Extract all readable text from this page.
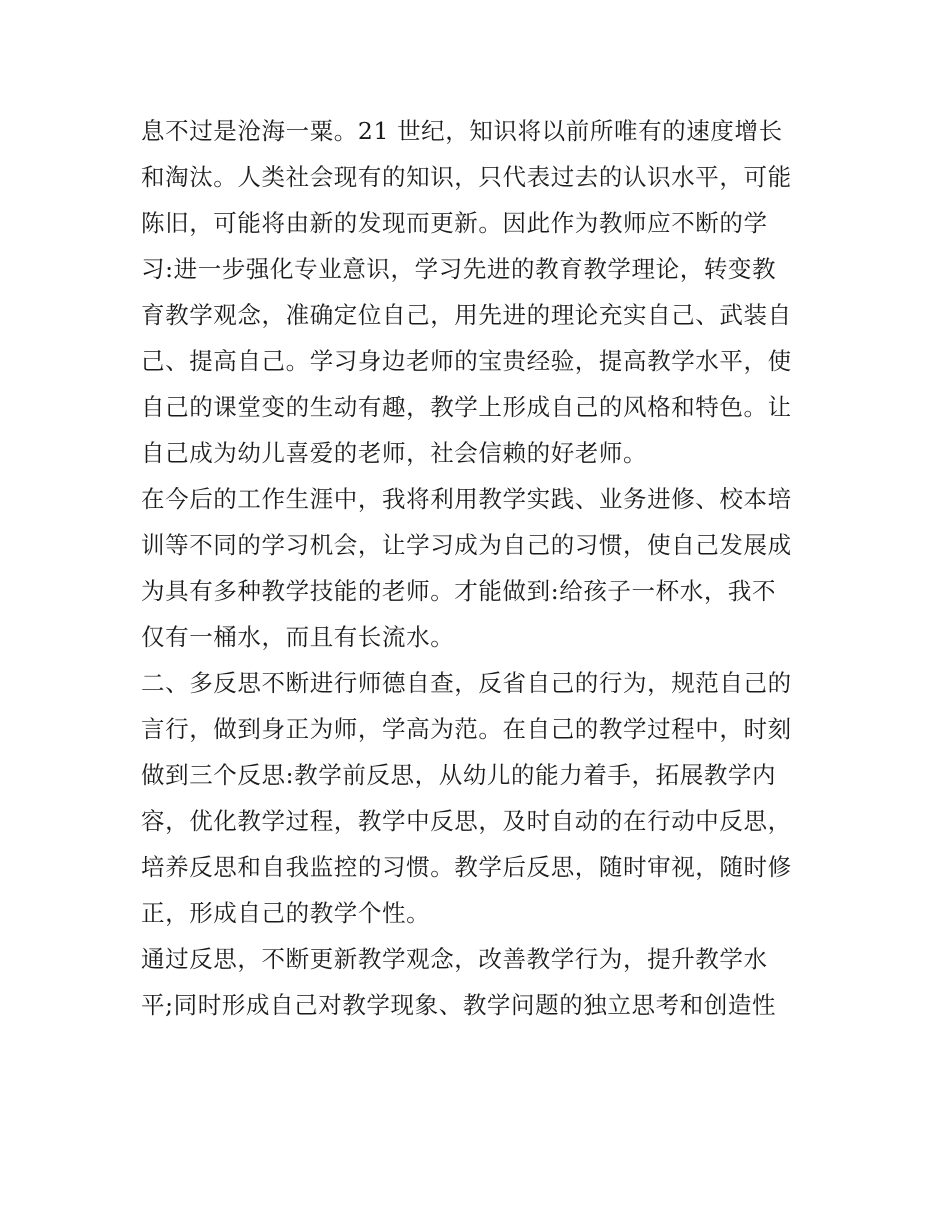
息不过是沧海一粟。21 世纪，知识将以前所唯有的速度增长
和淘汰。人类社会现有的知识，只代表过去的认识水平，可能
陈旧，可能将由新的发现而更新。因此作为教师应不断的学
习:进一步强化专业意识，学习先进的教育教学理论，转变教
育教学观念，准确定位自己，用先进的理论充实自己、武装自
己、提高自己。学习身边老师的宝贵经验，提高教学水平，使
自己的课堂变的生动有趣，教学上形成自己的风格和特色。让
自己成为幼儿喜爱的老师，社会信赖的好老师。

在今后的工作生涯中，我将利用教学实践、业务进修、校本培
训等不同的学习机会，让学习成为自己的习惯，使自己发展成
为具有多种教学技能的老师。才能做到:给孩子一杯水，我不
仅有一桶水，而且有长流水。

二、多反思不断进行师德自查，反省自己的行为，规范自己的
言行，做到身正为师，学高为范。在自己的教学过程中，时刻
做到三个反思:教学前反思，从幼儿的能力着手，拓展教学内
容，优化教学过程，教学中反思，及时自动的在行动中反思，
培养反思和自我监控的习惯。教学后反思，随时审视，随时修
正，形成自己的教学个性。

通过反思，不断更新教学观念，改善教学行为，提升教学水
平;同时形成自己对教学现象、教学问题的独立思考和创造性
